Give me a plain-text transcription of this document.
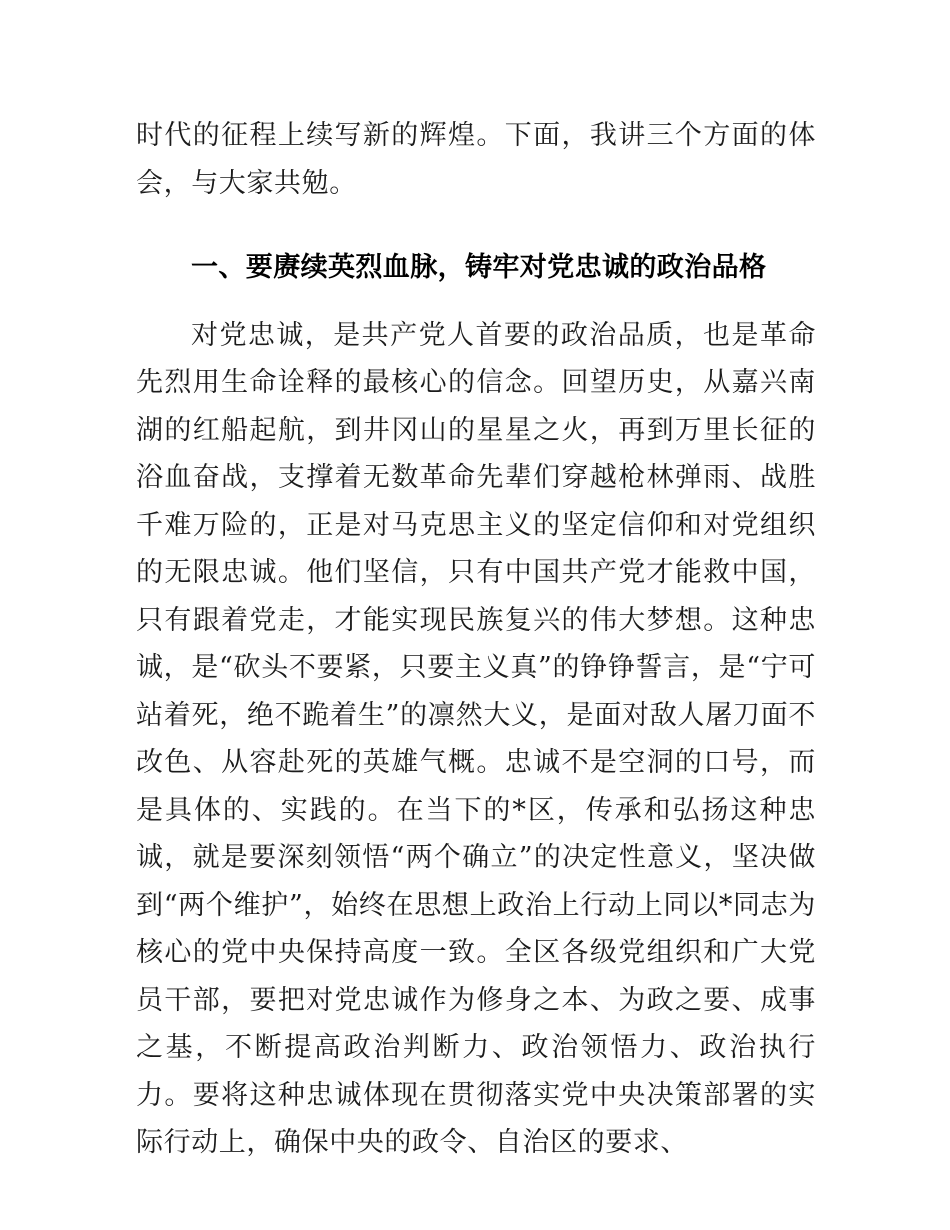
时代的征程上续写新的辉煌。下面，我讲三个方面的体会，与大家共勉。

一、要赓续英烈血脉，铸牢对党忠诚的政治品格

对党忠诚，是共产党人首要的政治品质，也是革命先烈用生命诠释的最核心的信念。回望历史，从嘉兴南湖的红船起航，到井冈山的星星之火，再到万里长征的浴血奋战，支撑着无数革命先辈们穿越枪林弹雨、战胜千难万险的，正是对马克思主义的坚定信仰和对党组织的无限忠诚。他们坚信，只有中国共产党才能救中国，只有跟着党走，才能实现民族复兴的伟大梦想。这种忠诚，是“砍头不要紧，只要主义真”的铮铮誓言，是“宁可站着死，绝不跪着生”的凛然大义，是面对敌人屠刀面不改色、从容赴死的英雄气概。忠诚不是空洞的口号，而是具体的、实践的。在当下的*区，传承和弘扬这种忠诚，就是要深刻领悟“两个确立”的决定性意义，坚决做到“两个维护”，始终在思想上政治上行动上同以*同志为核心的党中央保持高度一致。全区各级党组织和广大党员干部，要把对党忠诚作为修身之本、为政之要、成事之基，不断提高政治判断力、政治领悟力、政治执行力。要将这种忠诚体现在贯彻落实党中央决策部署的实际行动上，确保中央的政令、自治区的要求、
